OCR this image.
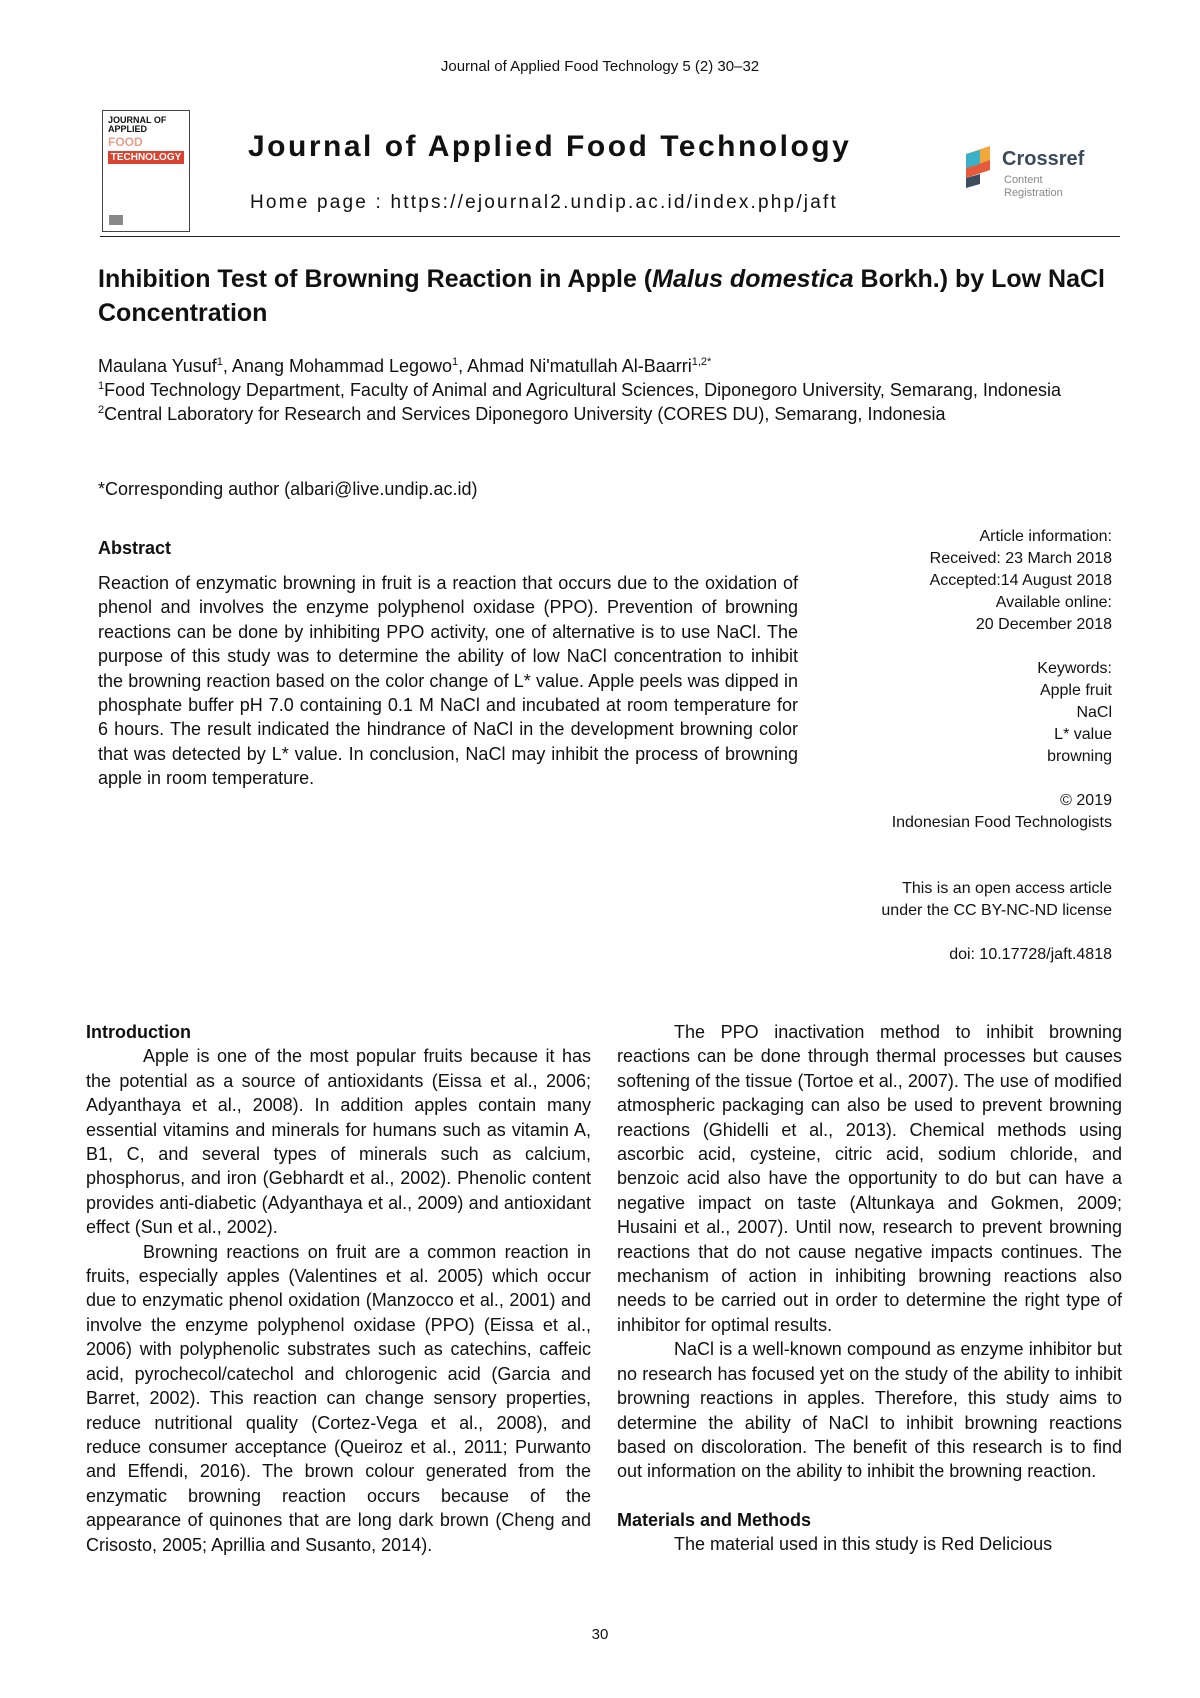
Journal of Applied Food Technology 5 (2) 30–32
JOURNAL OF
APPLIED
FOOD
TECHNOLOGY Journal of Applied Food Technology
Home page : https://ejournal2.undip.ac.id/index.php/jaft
Crossref
Content
Registration
Inhibition Test of Browning Reaction in Apple (Malus domestica Borkh.) by Low NaCl Concentration
Maulana Yusuf$^1$, Anang Mohammad Legowo$^1$, Ahmad Ni'matullah Al-Baarri$^{1,2*}$
$^1$Food Technology Department, Faculty of Animal and Agricultural Sciences, Diponegoro University, Semarang, Indonesia
$^2$Central Laboratory for Research and Services Diponegoro University (CORES DU), Semarang, Indonesia
*Corresponding author (albari@live.undip.ac.id)
Abstract
Reaction of enzymatic browning in fruit is a reaction that occurs due to the oxidation of phenol and involves the enzyme polyphenol oxidase (PPO). Prevention of browning reactions can be done by inhibiting PPO activity, one of alternative is to use NaCl. The purpose of this study was to determine the ability of low NaCl concentration to inhibit the browning reaction based on the color change of L* value. Apple peels was dipped in phosphate buffer pH 7.0 containing 0.1 M NaCl and incubated at room temperature for 6 hours. The result indicated the hindrance of NaCl in the development browning color that was detected by L* value. In conclusion, NaCl may inhibit the process of browning apple in room temperature.
Article information:
Received: 23 March 2018
Accepted:14 August 2018
Available online:
20 December 2018
Keywords:
Apple fruit
NaCl
L* value
browning
© 2019
Indonesian Food Technologists
This is an open access article
under the CC BY-NC-ND license
doi: 10.17728/jaft.4818

Introduction

Apple is one of the most popular fruits because it has the potential as a source of antioxidants (Eissa et al., 2006; Adyanthaya et al., 2008). In addition apples contain many essential vitamins and minerals for humans such as vitamin A, B1, C, and several types of minerals such as calcium, phosphorus, and iron (Gebhardt et al., 2002). Phenolic content provides anti-diabetic (Adyanthaya et al., 2009) and antioxidant effect (Sun et al., 2002).

Browning reactions on fruit are a common reaction in fruits, especially apples (Valentines et al. 2005) which occur due to enzymatic phenol oxidation (Manzocco et al., 2001) and involve the enzyme polyphenol oxidase (PPO) (Eissa et al., 2006) with polyphenolic substrates such as catechins, caffeic acid, pyrochecol/catechol and chlorogenic acid (Garcia and Barret, 2002). This reaction can change sensory properties, reduce nutritional quality (Cortez-Vega et al., 2008), and reduce consumer acceptance (Queiroz et al., 2011; Purwanto and Effendi, 2016). The brown colour generated from the enzymatic browning reaction occurs because of the appearance of quinones that are long dark brown (Cheng and Crisosto, 2005; Aprillia and Susanto, 2014).

The PPO inactivation method to inhibit browning reactions can be done through thermal processes but causes softening of the tissue (Tortoe et al., 2007). The use of modified atmospheric packaging can also be used to prevent browning reactions (Ghidelli et al., 2013). Chemical methods using ascorbic acid, cysteine, citric acid, sodium chloride, and benzoic acid also have the opportunity to do but can have a negative impact on taste (Altunkaya and Gokmen, 2009; Husaini et al., 2007). Until now, research to prevent browning reactions that do not cause negative impacts continues. The mechanism of action in inhibiting browning reactions also needs to be carried out in order to determine the right type of inhibitor for optimal results.

NaCl is a well-known compound as enzyme inhibitor but no research has focused yet on the study of the ability to inhibit browning reactions in apples. Therefore, this study aims to determine the ability of NaCl to inhibit browning reactions based on discoloration. The benefit of this research is to find out information on the ability to inhibit the browning reaction.

Materials and Methods

The material used in this study is Red Delicious

30
